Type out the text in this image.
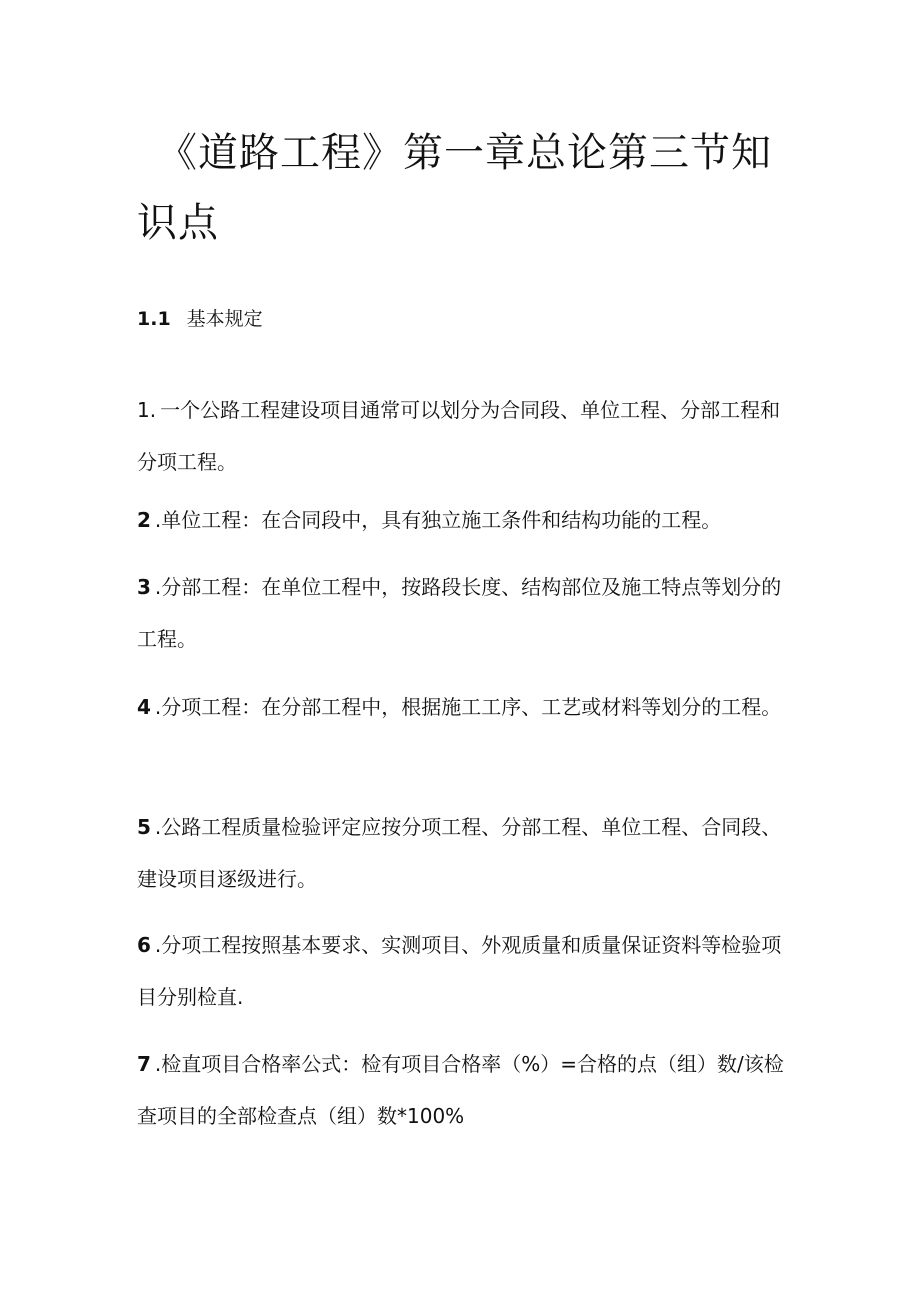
《道路工程》第一章总论第三节知识点

1.1 基本规定

1. 一个公路工程建设项目通常可以划分为合同段、单位工程、分部工程和分项工程。

2 .单位工程：在合同段中，具有独立施工条件和结构功能的工程。

3 .分部工程：在单位工程中，按路段长度、结构部位及施工特点等划分的工程。

4 .分项工程：在分部工程中，根据施工工序、工艺或材料等划分的工程。

5 .公路工程质量检验评定应按分项工程、分部工程、单位工程、合同段、建设项目逐级进行。

6 .分项工程按照基本要求、实测项目、外观质量和质量保证资料等检验项目分别检直.

7 .检直项目合格率公式：检有项目合格率（%）=合格的点（组）数/该检查项目的全部检查点（组）数*100%
